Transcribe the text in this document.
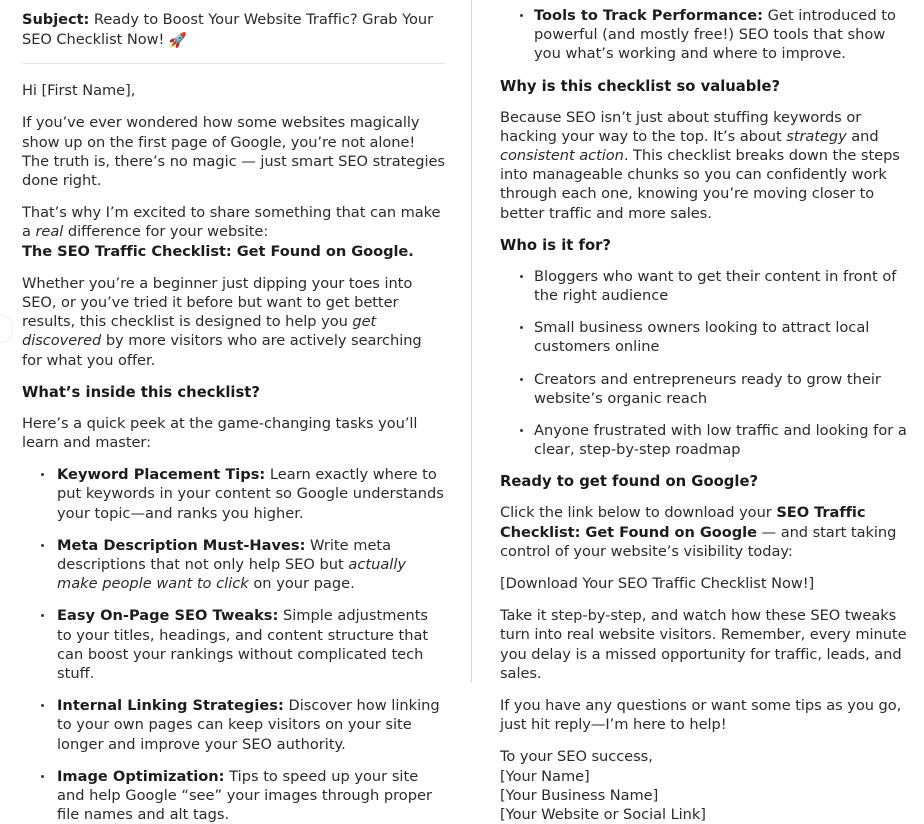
Subject: Ready to Boost Your Website Traffic? Grab Your SEO Checklist Now! 🚀

Hi [First Name],

If you’ve ever wondered how some websites magically show up on the first page of Google, you’re not alone! The truth is, there’s no magic — just smart SEO strategies done right.

That’s why I’m excited to share something that can make a real difference for your website:
The SEO Traffic Checklist: Get Found on Google.

Whether you’re a beginner just dipping your toes into SEO, or you’ve tried it before but want to get better results, this checklist is designed to help you get discovered by more visitors who are actively searching for what you offer.

What’s inside this checklist?

Here’s a quick peek at the game-changing tasks you’ll learn and master:

Keyword Placement Tips: Learn exactly where to put keywords in your content so Google understands your topic—and ranks you higher.
Meta Description Must-Haves: Write meta descriptions that not only help SEO but actually make people want to click on your page.
Easy On-Page SEO Tweaks: Simple adjustments to your titles, headings, and content structure that can boost your rankings without complicated tech stuff.
Internal Linking Strategies: Discover how linking to your own pages can keep visitors on your site longer and improve your SEO authority.
Image Optimization: Tips to speed up your site and help Google “see” your images through proper file names and alt tags.
Tools to Track Performance: Get introduced to powerful (and mostly free!) SEO tools that show you what’s working and where to improve.
Why is this checklist so valuable?

Because SEO isn’t just about stuffing keywords or hacking your way to the top. It’s about strategy and consistent action. This checklist breaks down the steps into manageable chunks so you can confidently work through each one, knowing you’re moving closer to better traffic and more sales.

Who is it for?
Bloggers who want to get their content in front of the right audience
Small business owners looking to attract local customers online
Creators and entrepreneurs ready to grow their website’s organic reach
Anyone frustrated with low traffic and looking for a clear, step-by-step roadmap
Ready to get found on Google?

Click the link below to download your SEO Traffic Checklist: Get Found on Google — and start taking control of your website’s visibility today:

[Download Your SEO Traffic Checklist Now!]

Take it step-by-step, and watch how these SEO tweaks turn into real website visitors. Remember, every minute you delay is a missed opportunity for traffic, leads, and sales.

If you have any questions or want some tips as you go, just hit reply—I’m here to help!

To your SEO success,

[Your Name]

[Your Business Name]

[Your Website or Social Link]
